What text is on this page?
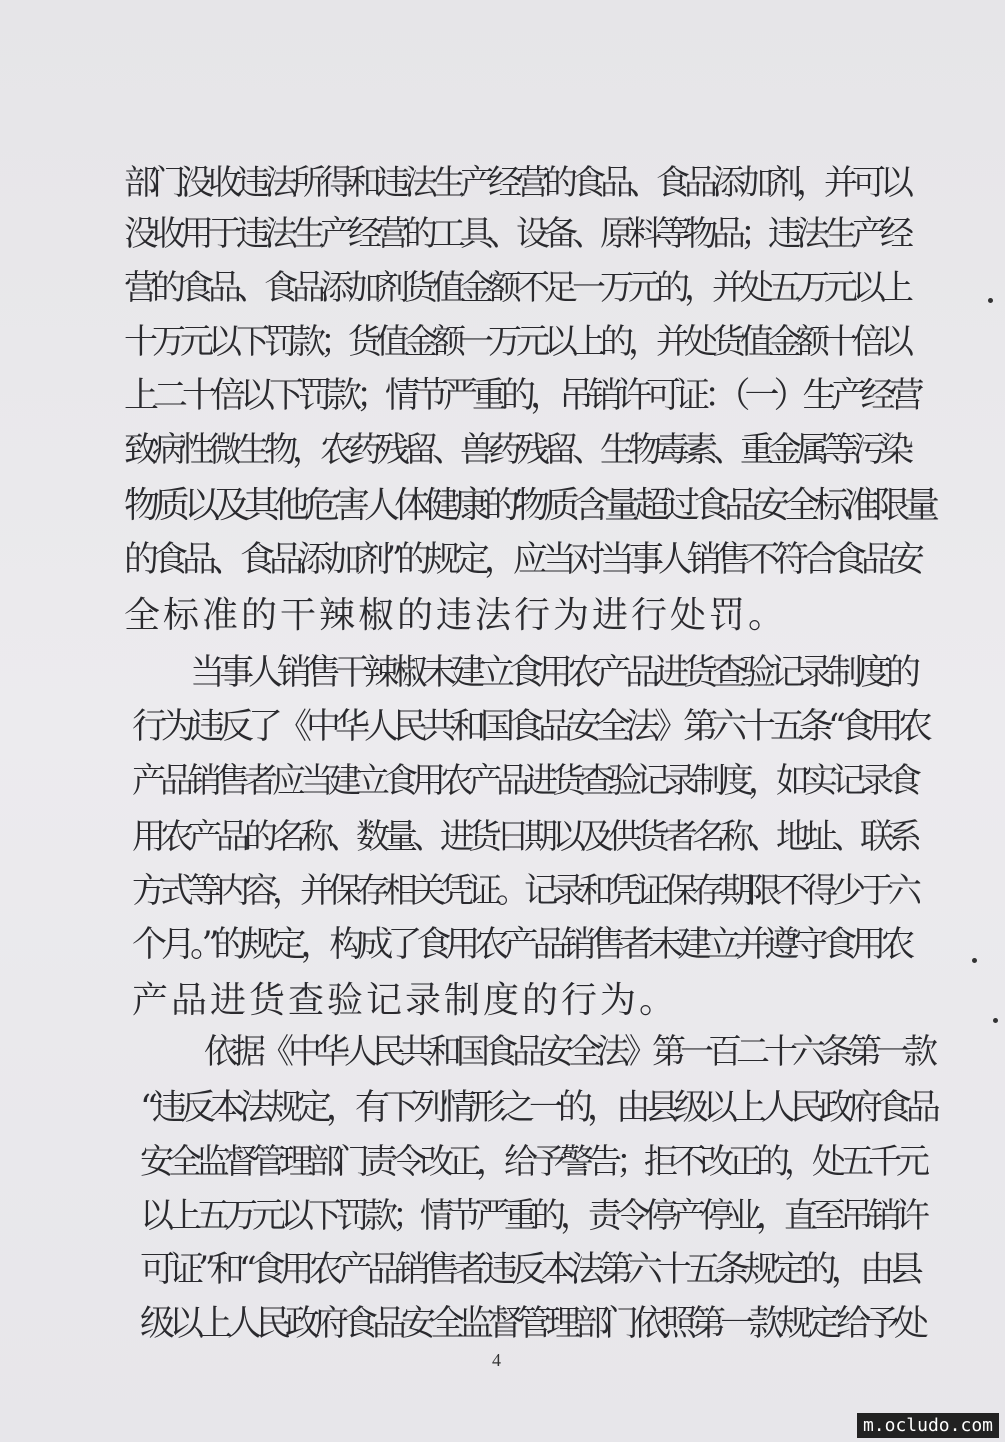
部门没收违法所得和违法生产经营的食品、食品添加剂，并可以
没收用于违法生产经营的工具、设备、原料等物品；违法生产经
营的食品、食品添加剂货值金额不足一万元的，并处五万元以上
十万元以下罚款；货值金额一万元以上的，并处货值金额十倍以
上二十倍以下罚款；情节严重的，吊销许可证：（一）生产经营
致病性微生物，农药残留、兽药残留、生物毒素、重金属等污染
物质以及其他危害人体健康的物质含量超过食品安全标准限量
的食品、食品添加剂”的规定，应当对当事人销售不符合食品安
全标准的干辣椒的违法行为进行处罚。
当事人销售干辣椒未建立食用农产品进货查验记录制度的
行为违反了《中华人民共和国食品安全法》第六十五条“食用农
产品销售者应当建立食用农产品进货查验记录制度，如实记录食
用农产品的名称、数量、进货日期以及供货者名称、地址、联系
方式等内容，并保存相关凭证。记录和凭证保存期限不得少于六
个月。”的规定，构成了食用农产品销售者未建立并遵守食用农
产品进货查验记录制度的行为。
依据《中华人民共和国食品安全法》第一百二十六条第一款
“违反本法规定，有下列情形之一的，由县级以上人民政府食品
安全监督管理部门责令改正，给予警告；拒不改正的，处五千元
以上五万元以下罚款；情节严重的，责令停产停业，直至吊销许
可证”和“食用农产品销售者违反本法第六十五条规定的，由县
级以上人民政府食品安全监督管理部门依照第一款规定给予处
4
m.ocludo.com
